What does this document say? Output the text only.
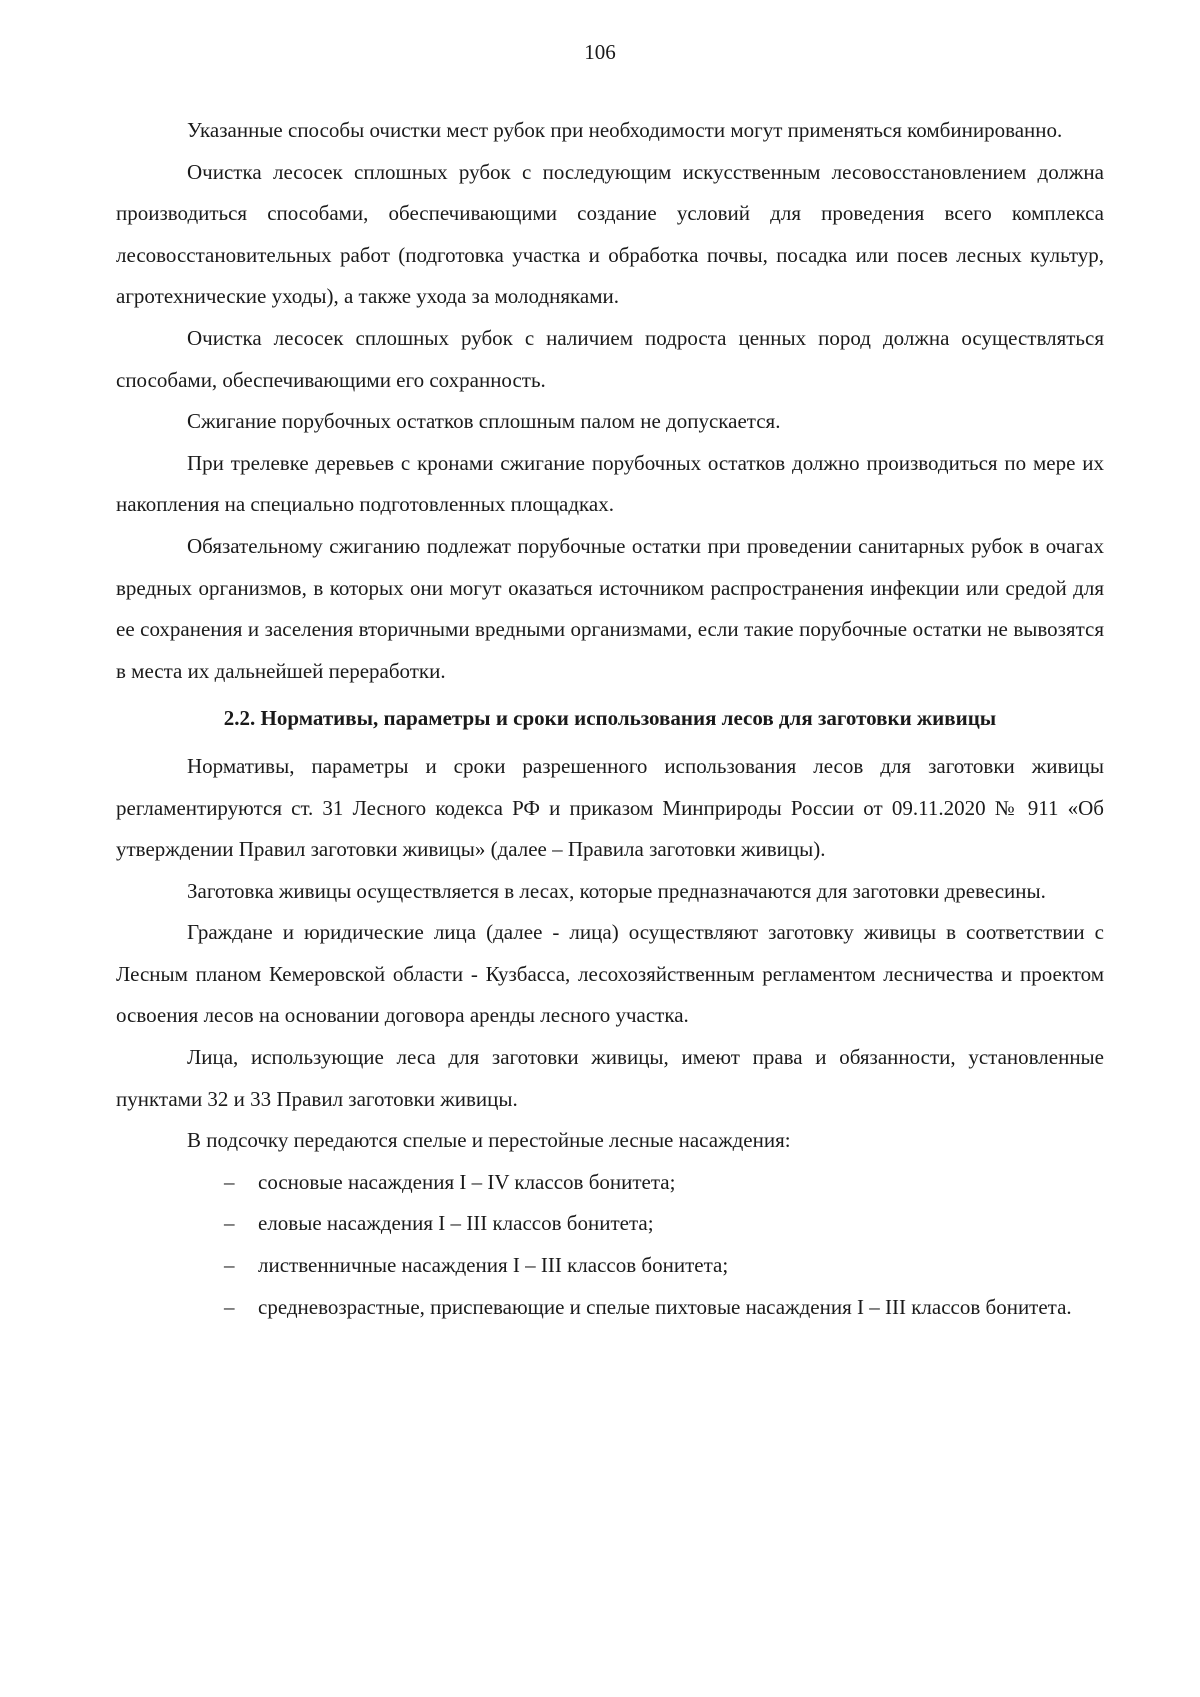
106

Указанные способы очистки мест рубок при необходимости могут применяться комбинированно.

Очистка лесосек сплошных рубок с последующим искусственным лесовосстановлением должна производиться способами, обеспечивающими создание условий для проведения всего комплекса лесовосстановительных работ (подготовка участка и обработка почвы, посадка или посев лесных культур, агротехнические уходы), а также ухода за молодняками.

Очистка лесосек сплошных рубок с наличием подроста ценных пород должна осуществляться способами, обеспечивающими его сохранность.

Сжигание порубочных остатков сплошным палом не допускается.

При трелевке деревьев с кронами сжигание порубочных остатков должно производиться по мере их накопления на специально подготовленных площадках.

Обязательному сжиганию подлежат порубочные остатки при проведении санитарных рубок в очагах вредных организмов, в которых они могут оказаться источником распространения инфекции или средой для ее сохранения и заселения вторичными вредными организмами, если такие порубочные остатки не вывозятся в места их дальнейшей переработки.

2.2. Нормативы, параметры и сроки использования лесов для заготовки живицы

Нормативы, параметры и сроки разрешенного использования лесов для заготовки живицы регламентируются ст. 31 Лесного кодекса РФ и приказом Минприроды России от 09.11.2020 № 911 «Об утверждении Правил заготовки живицы» (далее – Правила заготовки живицы).

Заготовка живицы осуществляется в лесах, которые предназначаются для заготовки древесины.

Граждане и юридические лица (далее - лица) осуществляют заготовку живицы в соответствии с Лесным планом Кемеровской области - Кузбасса, лесохозяйственным регламентом лесничества и проектом освоения лесов на основании договора аренды лесного участка.

Лица, использующие леса для заготовки живицы, имеют права и обязанности, установленные пунктами 32 и 33 Правил заготовки живицы.

В подсочку передаются спелые и перестойные лесные насаждения:

– сосновые насаждения I – IV классов бонитета;
– еловые насаждения I – III классов бонитета;
– лиственничные насаждения I – III классов бонитета;
– средневозрастные, приспевающие и спелые пихтовые насаждения I – III классов бонитета.
